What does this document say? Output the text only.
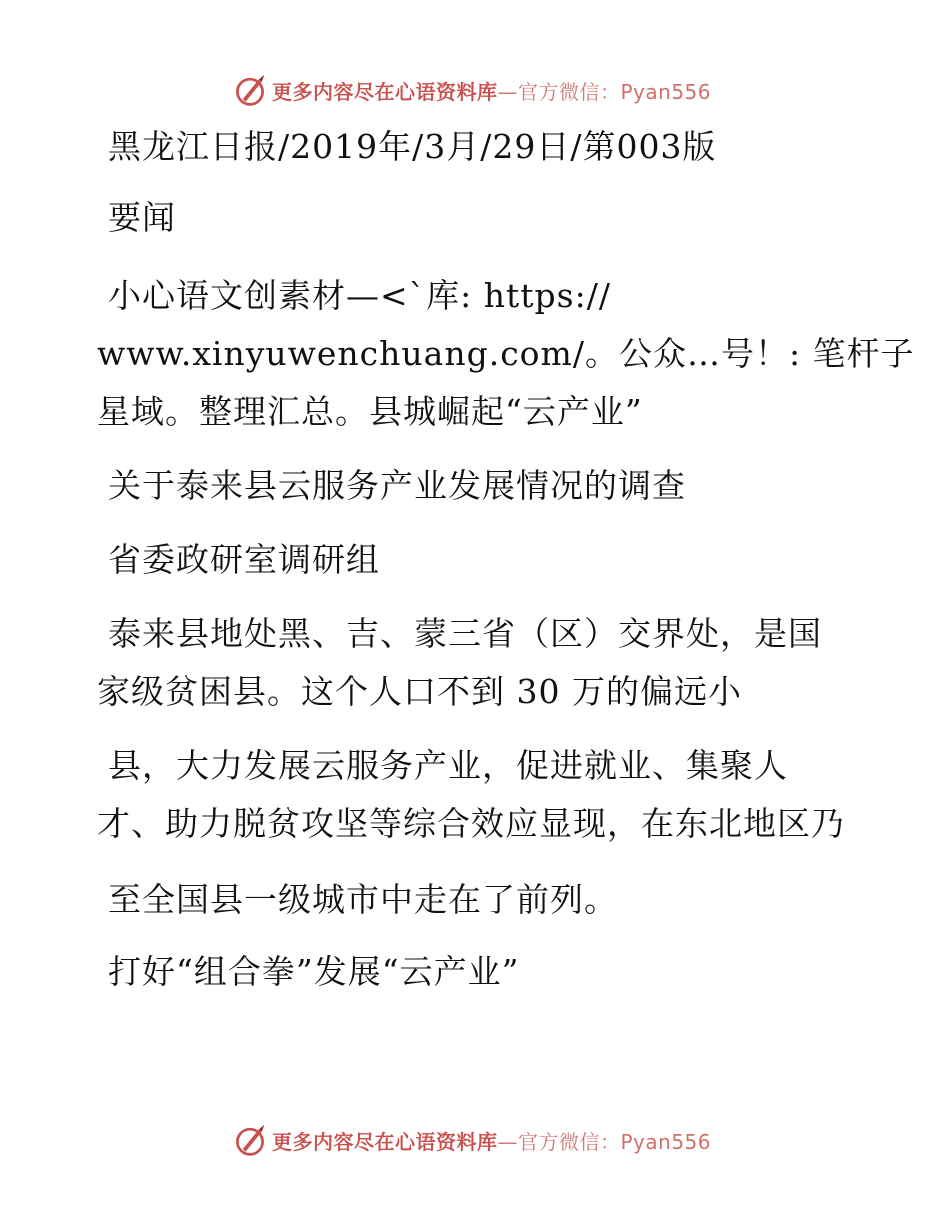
更多内容尽在心语资料库—官方微信：Pyan556
黑龙江日报/2019年/3月/29日/第003版
要闻
小心语文创素材—<`库: https://
www.xinyuwenchuang.com/。公众…号！: 笔杆子
星域。整理汇总。县城崛起“云产业”
关于泰来县云服务产业发展情况的调查
省委政研室调研组
泰来县地处黑、吉、蒙三省（区）交界处，是国
家级贫困县。这个人口不到 30 万的偏远小
县，大力发展云服务产业，促进就业、集聚人
才、助力脱贫攻坚等综合效应显现，在东北地区乃
至全国县一级城市中走在了前列。
打好“组合拳”发展“云产业”
更多内容尽在心语资料库—官方微信：Pyan556
